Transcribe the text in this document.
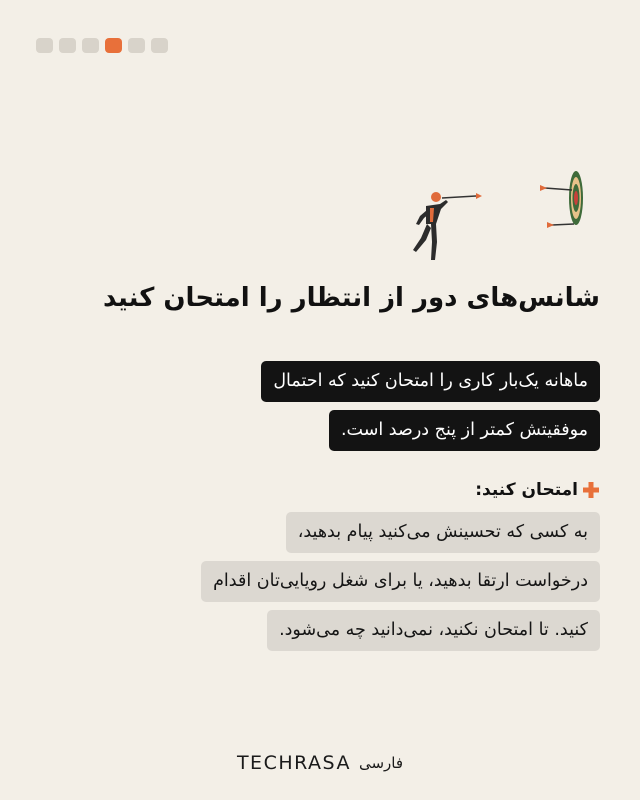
شانس‌های دور از انتظار را امتحان کنید
ماهانه یک‌بار کاری را امتحان کنید که احتمال
موفقیتش کمتر از پنج درصد است.
امتحان کنید:
به کسی که تحسینش می‌کنید پیام بدهید،
درخواست ارتقا بدهید، یا برای شغل رویایی‌تان اقدام
کنید. تا امتحان نکنید، نمی‌دانید چه می‌شود.
TECHRASA فارسی
